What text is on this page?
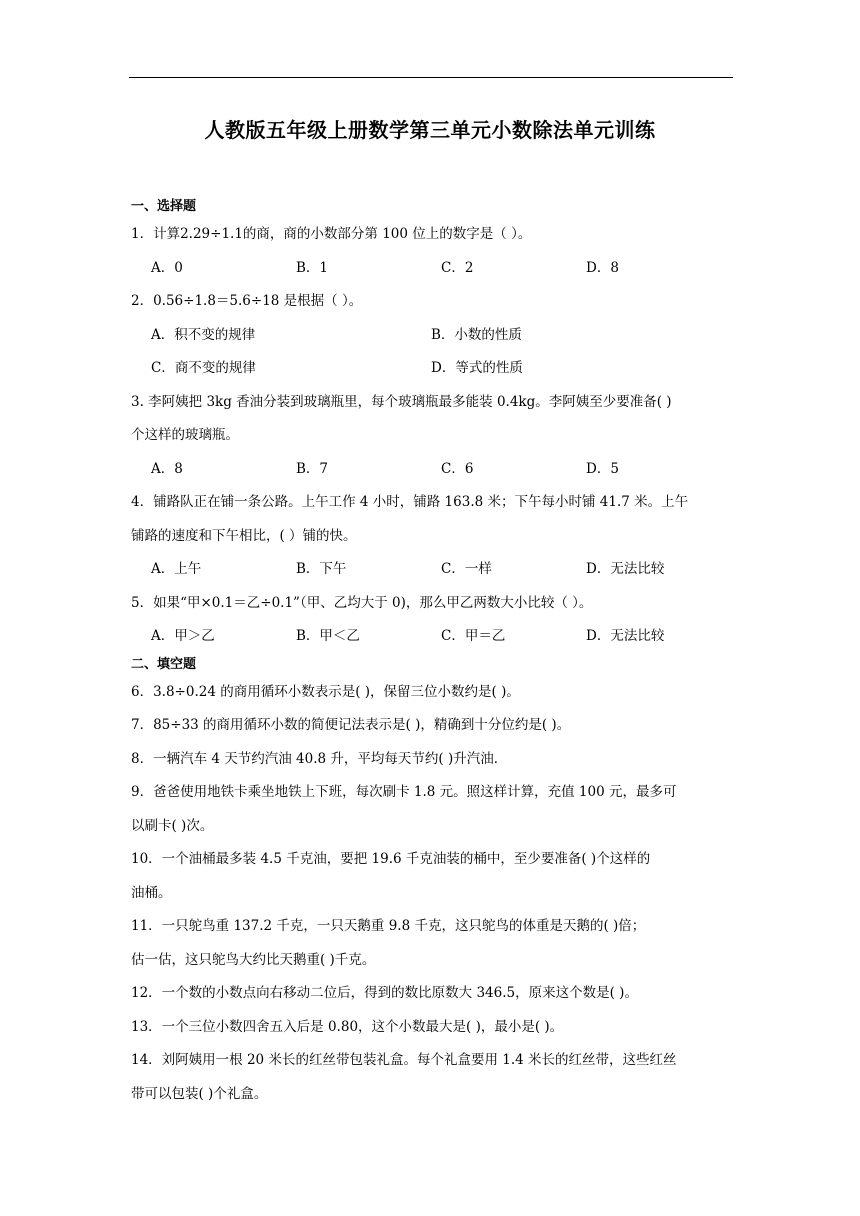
人教版五年级上册数学第三单元小数除法单元训练
一、选择题
1．计算2.29÷1.1的商，商的小数部分第 100 位上的数字是（ ）。
A．0	B．1	C．2	D．8
2．0.56÷1.8＝5.6÷18 是根据（ ）。
A．积不变的规律	B．小数的性质
C．商不变的规律	D．等式的性质
3. 李阿姨把 3kg 香油分装到玻璃瓶里，每个玻璃瓶最多能装 0.4kg。李阿姨至少要准备( )
个这样的玻璃瓶。
A．8	B．7	C．6	D．5
4．铺路队正在铺一条公路。上午工作 4 小时，铺路 163.8 米；下午每小时铺 41.7 米。上午
铺路的速度和下午相比，( ）铺的快。
A．上午	B．下午	C．一样	D．无法比较
5．如果“甲×0.1＝乙÷0.1”（甲、乙均大于 0)，那么甲乙两数大小比较（ ）。
A．甲＞乙	B．甲＜乙	C．甲＝乙	D．无法比较
二、填空题
6．3.8÷0.24 的商用循环小数表示是( )，保留三位小数约是( )。
7．85÷33 的商用循环小数的简便记法表示是( )，精确到十分位约是( )。
8．一辆汽车 4 天节约汽油 40.8 升，平均每天节约( )升汽油．
9．爸爸使用地铁卡乘坐地铁上下班，每次刷卡 1.8 元。照这样计算，充值 100 元，最多可
以刷卡( )次。
10．一个油桶最多装 4.5 千克油，要把 19.6 千克油装的桶中，至少要准备( )个这样的
油桶。
11．一只鸵鸟重 137.2 千克，一只天鹅重 9.8 千克，这只鸵鸟的体重是天鹅的( )倍；
估一估，这只鸵鸟大约比天鹅重( )千克。
12．一个数的小数点向右移动二位后，得到的数比原数大 346.5，原来这个数是( )。
13．一个三位小数四舍五入后是 0.80，这个小数最大是( )，最小是( )。
14．刘阿姨用一根 20 米长的红丝带包装礼盒。每个礼盒要用 1.4 米长的红丝带，这些红丝
带可以包装( )个礼盒。
